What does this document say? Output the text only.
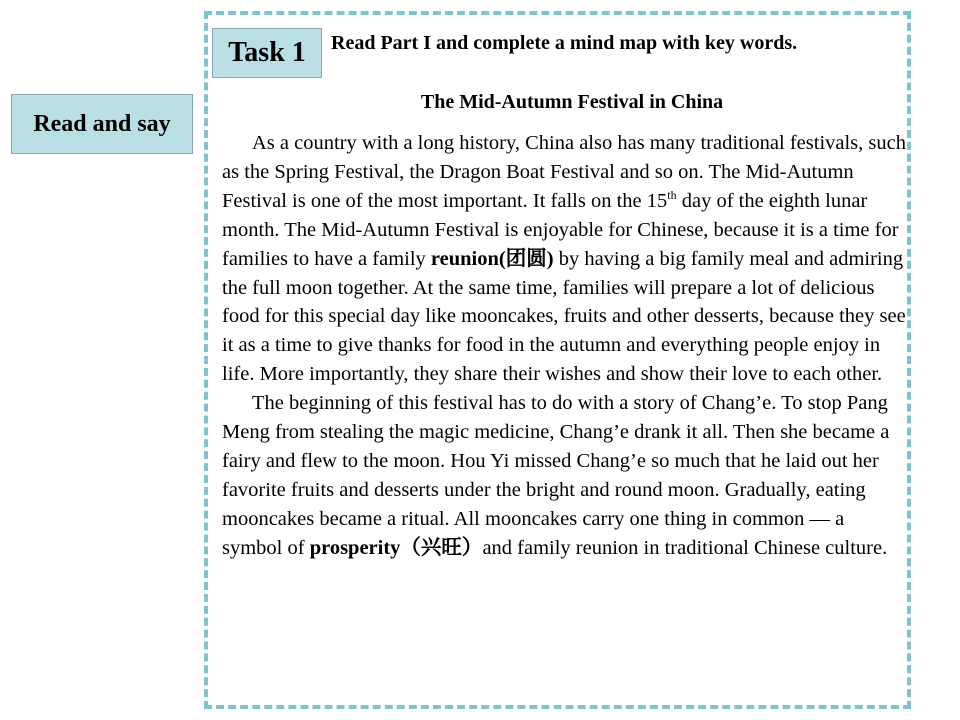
Read and say
Task 1	Read Part I and complete a mind map with key words.
The Mid-Autumn Festival in China

As a country with a long history, China also has many traditional festivals, such as the Spring Festival, the Dragon Boat Festival and so on. The Mid-Autumn Festival is one of the most important. It falls on the 15th day of the eighth lunar month. The Mid-Autumn Festival is enjoyable for Chinese, because it is a time for families to have a family reunion(团圆) by having a big family meal and admiring the full moon together. At the same time, families will prepare a lot of delicious food for this special day like mooncakes, fruits and other desserts, because they see it as a time to give thanks for food in the autumn and everything people enjoy in life. More importantly, they share their wishes and show their love to each other.

The beginning of this festival has to do with a story of Chang’e. To stop Pang Meng from stealing the magic medicine, Chang’e drank it all. Then she became a fairy and flew to the moon. Hou Yi missed Chang’e so much that he laid out her favorite fruits and desserts under the bright and round moon. Gradually, eating mooncakes became a ritual. All mooncakes carry one thing in common — a symbol of prosperity（兴旺）and family reunion in traditional Chinese culture.
